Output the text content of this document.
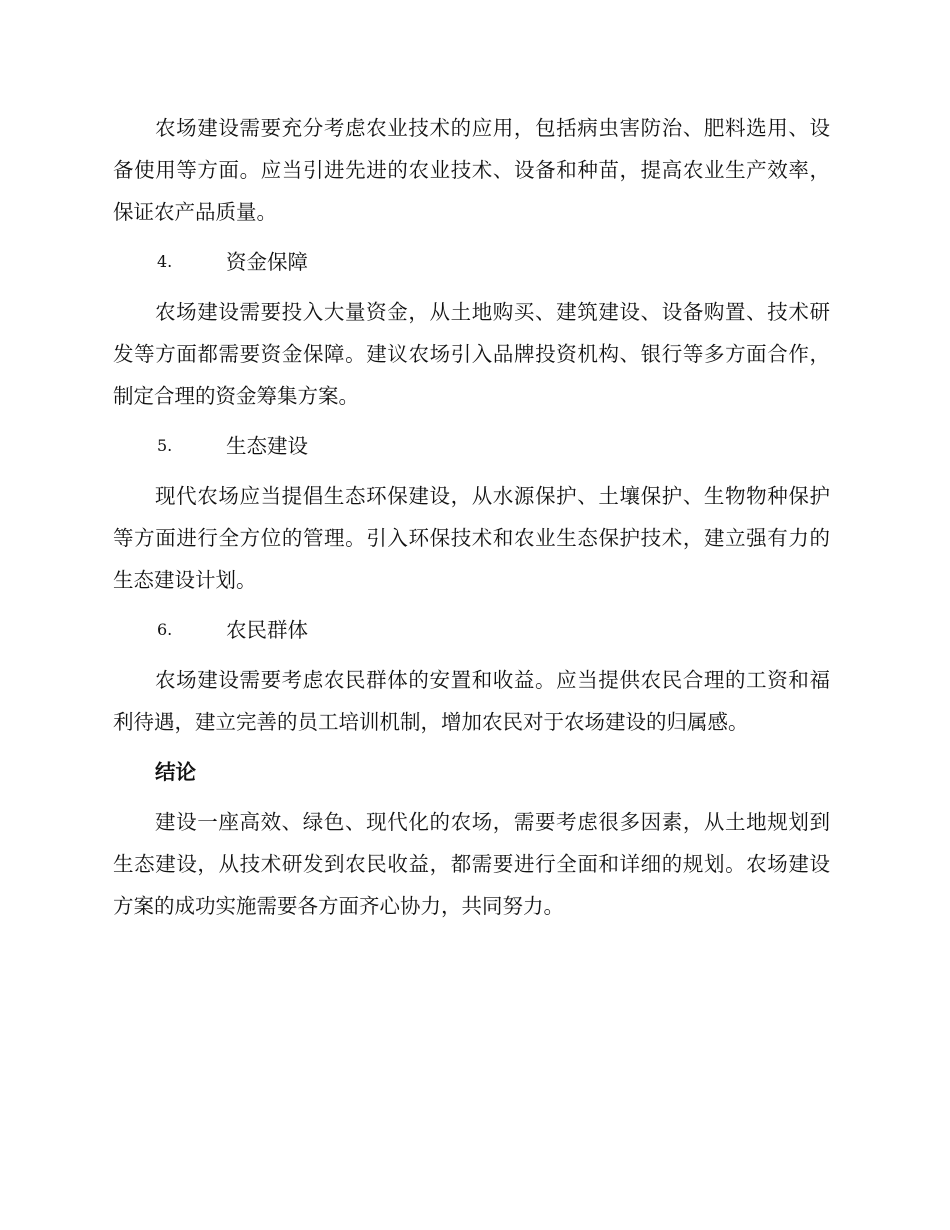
农场建设需要充分考虑农业技术的应用，包括病虫害防治、肥料选用、设备使用等方面。应当引进先进的农业技术、设备和种苗，提高农业生产效率，保证农产品质量。

4.	资金保障

农场建设需要投入大量资金，从土地购买、建筑建设、设备购置、技术研发等方面都需要资金保障。建议农场引入品牌投资机构、银行等多方面合作，制定合理的资金筹集方案。

5.	生态建设

现代农场应当提倡生态环保建设，从水源保护、土壤保护、生物物种保护等方面进行全方位的管理。引入环保技术和农业生态保护技术，建立强有力的生态建设计划。

6.	农民群体

农场建设需要考虑农民群体的安置和收益。应当提供农民合理的工资和福利待遇，建立完善的员工培训机制，增加农民对于农场建设的归属感。

结论

建设一座高效、绿色、现代化的农场，需要考虑很多因素，从土地规划到生态建设，从技术研发到农民收益，都需要进行全面和详细的规划。农场建设方案的成功实施需要各方面齐心协力，共同努力。
